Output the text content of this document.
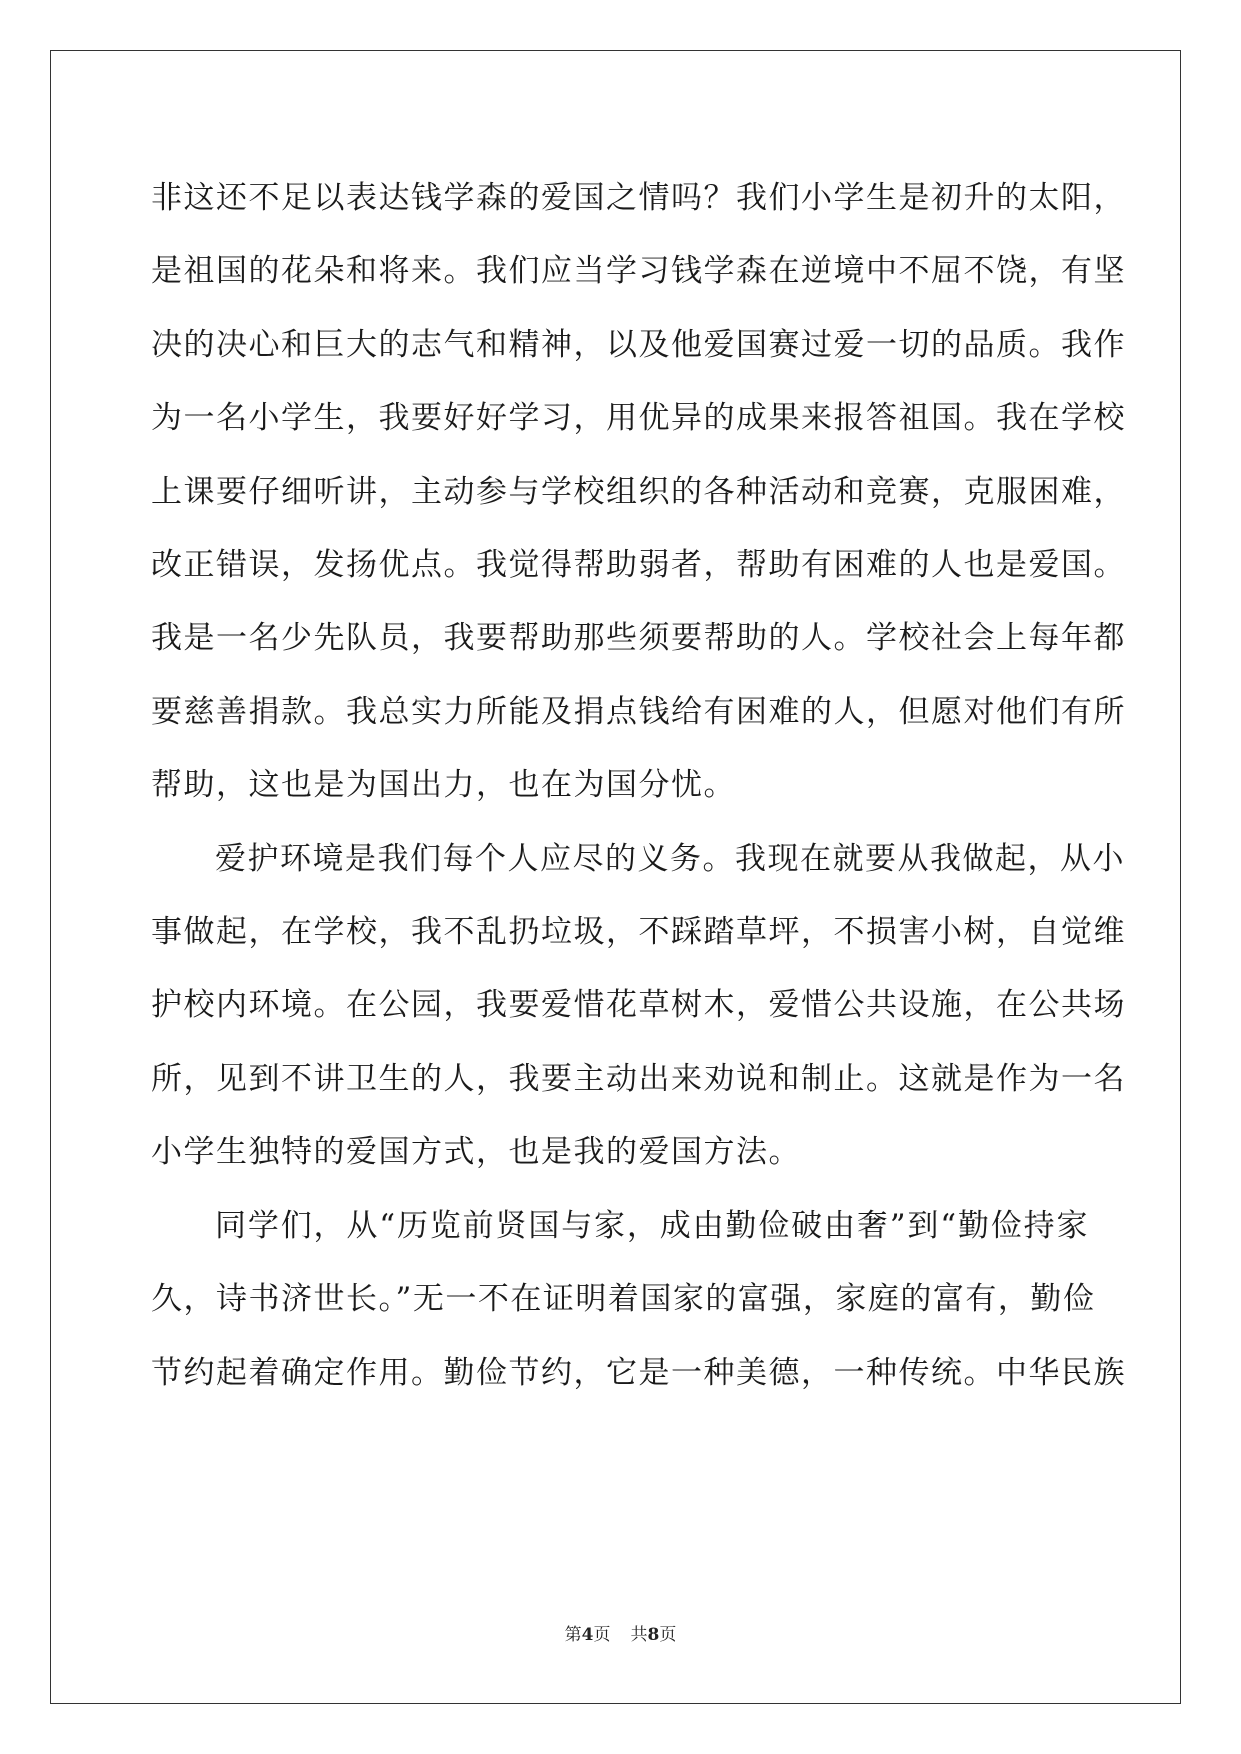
非这还不足以表达钱学森的爱国之情吗？我们小学生是初升的太阳，
是祖国的花朵和将来。我们应当学习钱学森在逆境中不屈不饶，有坚
决的决心和巨大的志气和精神，以及他爱国赛过爱一切的品质。我作
为一名小学生，我要好好学习，用优异的成果来报答祖国。我在学校
上课要仔细听讲，主动参与学校组织的各种活动和竞赛，克服困难，
改正错误，发扬优点。我觉得帮助弱者，帮助有困难的人也是爱国。
我是一名少先队员，我要帮助那些须要帮助的人。学校社会上每年都
要慈善捐款。我总实力所能及捐点钱给有困难的人，但愿对他们有所
帮助，这也是为国出力，也在为国分忧。

爱护环境是我们每个人应尽的义务。我现在就要从我做起，从小
事做起，在学校，我不乱扔垃圾，不踩踏草坪，不损害小树，自觉维
护校内环境。在公园，我要爱惜花草树木，爱惜公共设施，在公共场
所，见到不讲卫生的人，我要主动出来劝说和制止。这就是作为一名
小学生独特的爱国方式，也是我的爱国方法。

同学们，从“历览前贤国与家，成由勤俭破由奢”到“勤俭持家
久，诗书济世长。”无一不在证明着国家的富强，家庭的富有，勤俭
节约起着确定作用。勤俭节约，它是一种美德，一种传统。中华民族

第4页 共8页
